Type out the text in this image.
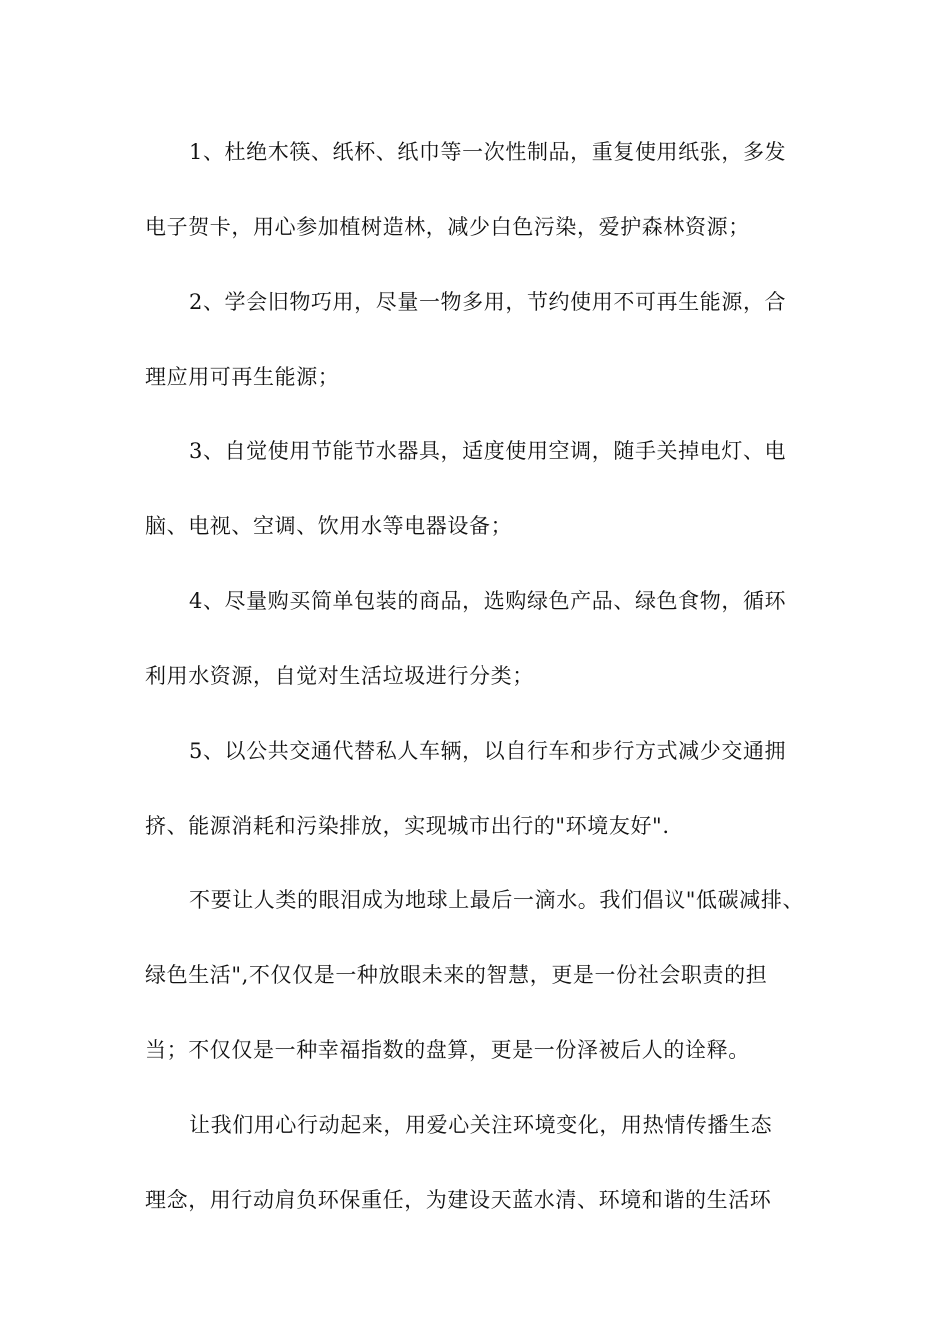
1、杜绝木筷、纸杯、纸巾等一次性制品，重复使用纸张，多发
电子贺卡，用心参加植树造林，减少白色污染，爱护森林资源；
2、学会旧物巧用，尽量一物多用，节约使用不可再生能源，合
理应用可再生能源；
3、自觉使用节能节水器具，适度使用空调，随手关掉电灯、电
脑、电视、空调、饮用水等电器设备；
4、尽量购买简单包装的商品，选购绿色产品、绿色食物，循环
利用水资源，自觉对生活垃圾进行分类；
5、以公共交通代替私人车辆，以自行车和步行方式减少交通拥
挤、能源消耗和污染排放，实现城市出行的"环境友好".
不要让人类的眼泪成为地球上最后一滴水。我们倡议"低碳减排、
绿色生活",不仅仅是一种放眼未来的智慧，更是一份社会职责的担
当；不仅仅是一种幸福指数的盘算，更是一份泽被后人的诠释。
让我们用心行动起来，用爱心关注环境变化，用热情传播生态
理念，用行动肩负环保重任，为建设天蓝水清、环境和谐的生活环
